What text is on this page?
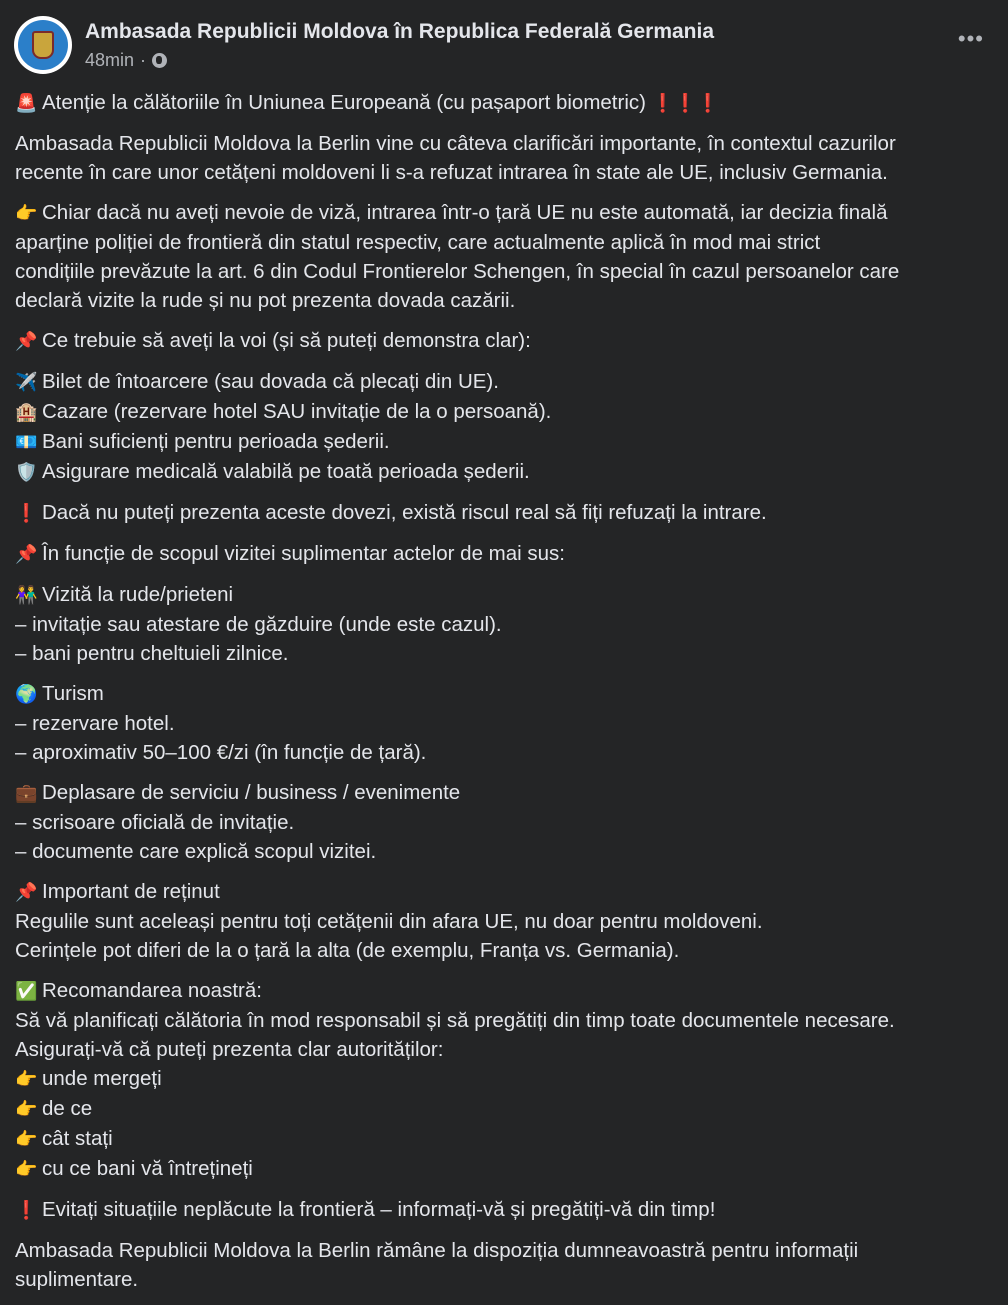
Ambasada Republicii Moldova în Republica Federală Germania
48min ·
•••
🚨 Atenție la călătoriile în Uniunea Europeană (cu pașaport biometric) ❗❗❗
Ambasada Republicii Moldova la Berlin vine cu câteva clarificări importante, în contextul cazurilor
recente în care unor cetățeni moldoveni li s-a refuzat intrarea în state ale UE, inclusiv Germania.
👉 Chiar dacă nu aveți nevoie de viză, intrarea într-o țară UE nu este automată, iar decizia finală
aparține poliției de frontieră din statul respectiv, care actualmente aplică în mod mai strict
condițiile prevăzute la art. 6 din Codul Frontierelor Schengen, în special în cazul persoanelor care
declară vizite la rude și nu pot prezenta dovada cazării.
📌 Ce trebuie să aveți la voi (și să puteți demonstra clar):
✈️ Bilet de întoarcere (sau dovada că plecați din UE).
🏨 Cazare (rezervare hotel SAU invitație de la o persoană).
💶 Bani suficienți pentru perioada șederii.
🛡️ Asigurare medicală valabilă pe toată perioada șederii.
❗ Dacă nu puteți prezenta aceste dovezi, există riscul real să fiți refuzați la intrare.
📌 În funcție de scopul vizitei suplimentar actelor de mai sus:
👫 Vizită la rude/prieteni
– invitație sau atestare de găzduire (unde este cazul).
– bani pentru cheltuieli zilnice.
🌍 Turism
– rezervare hotel.
– aproximativ 50–100 €/zi (în funcție de țară).
💼 Deplasare de serviciu / business / evenimente
– scrisoare oficială de invitație.
– documente care explică scopul vizitei.
📌 Important de reținut
Regulile sunt aceleași pentru toți cetățenii din afara UE, nu doar pentru moldoveni.
Cerințele pot diferi de la o țară la alta (de exemplu, Franța vs. Germania).
✅ Recomandarea noastră:
Să vă planificați călătoria în mod responsabil și să pregătiți din timp toate documentele necesare.
Asigurați-vă că puteți prezenta clar autorităților:
👉 unde mergeți
👉 de ce
👉 cât stați
👉 cu ce bani vă întrețineți
❗ Evitați situațiile neplăcute la frontieră – informați-vă și pregătiți-vă din timp!
Ambasada Republicii Moldova la Berlin rămâne la dispoziția dumneavoastră pentru informații
suplimentare.
